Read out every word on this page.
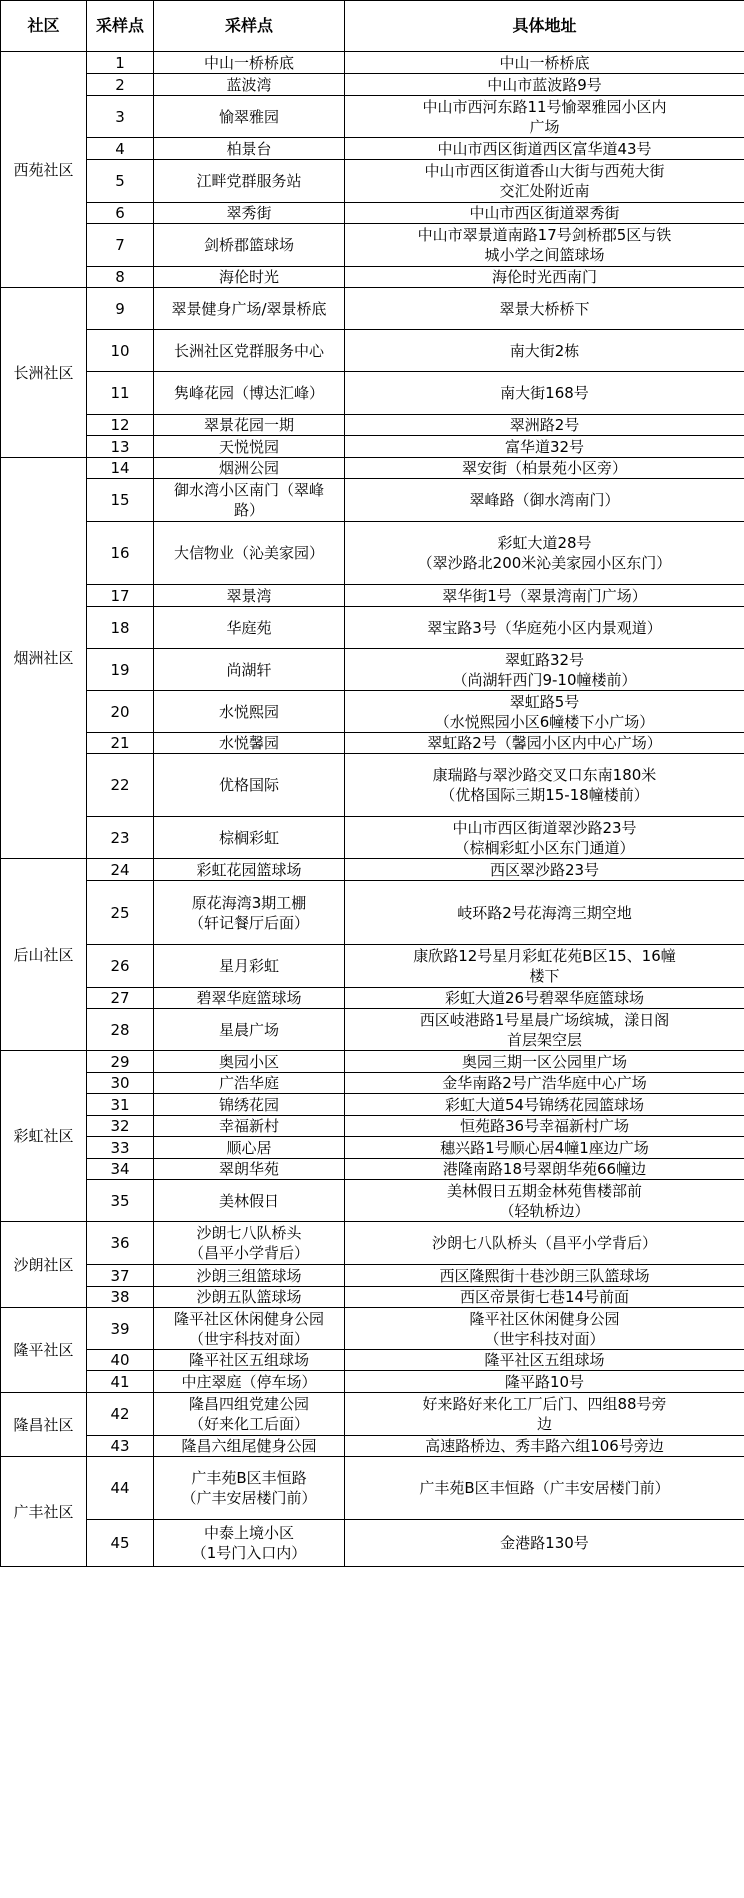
社区	采样点	采样点	具体地址
西苑社区	1	中山一桥桥底	中山一桥桥底
	2	蓝波湾	中山市蓝波路9号
	3	愉翠雅园	中山市西河东路11号愉翠雅园小区内
广场
	4	柏景台	中山市西区街道西区富华道43号
	5	江畔党群服务站	中山市西区街道香山大街与西苑大街
交汇处附近南
	6	翠秀街	中山市西区街道翠秀街
	7	剑桥郡篮球场	中山市翠景道南路17号剑桥郡5区与铁
城小学之间篮球场
	8	海伦时光	海伦时光西南门
长洲社区	9	翠景健身广场/翠景桥底	翠景大桥桥下
	10	长洲社区党群服务中心	南大街2栋
	11	隽峰花园（博达汇峰）	南大街168号
	12	翠景花园一期	翠洲路2号
	13	天悦悦园	富华道32号
烟洲社区	14	烟洲公园	翠安街（柏景苑小区旁）
	15	御水湾小区南门（翠峰
路）	翠峰路（御水湾南门）
	16	大信物业（沁美家园）	彩虹大道28号
（翠沙路北200米沁美家园小区东门）
	17	翠景湾	翠华街1号（翠景湾南门广场）
	18	华庭苑	翠宝路3号（华庭苑小区内景观道）
	19	尚湖轩	翠虹路32号
（尚湖轩西门9-10幢楼前）
	20	水悦熙园	翠虹路5号
（水悦熙园小区6幢楼下小广场）
	21	水悦馨园	翠虹路2号（馨园小区内中心广场）
	22	优格国际	康瑞路与翠沙路交叉口东南180米
（优格国际三期15-18幢楼前）
	23	棕榈彩虹	中山市西区街道翠沙路23号
（棕榈彩虹小区东门通道）
后山社区	24	彩虹花园篮球场	西区翠沙路23号
	25	原花海湾3期工棚
（轩记餐厅后面）	岐环路2号花海湾三期空地
	26	星月彩虹	康欣路12号星月彩虹花苑B区15、16幢
楼下
	27	碧翠华庭篮球场	彩虹大道26号碧翠华庭篮球场
	28	星晨广场	西区岐港路1号星晨广场缤城，漾日阁
首层架空层
彩虹社区	29	奥园小区	奥园三期一区公园里广场
	30	广浩华庭	金华南路2号广浩华庭中心广场
	31	锦绣花园	彩虹大道54号锦绣花园篮球场
	32	幸福新村	恒苑路36号幸福新村广场
	33	顺心居	穗兴路1号顺心居4幢1座边广场
	34	翠朗华苑	港隆南路18号翠朗华苑66幢边
	35	美林假日	美林假日五期金林苑售楼部前
（轻轨桥边）
沙朗社区	36	沙朗七八队桥头
（昌平小学背后）	沙朗七八队桥头（昌平小学背后）
	37	沙朗三组篮球场	西区隆熙街十巷沙朗三队篮球场
	38	沙朗五队篮球场	西区帝景街七巷14号前面
隆平社区	39	隆平社区休闲健身公园
（世宇科技对面）	隆平社区休闲健身公园
（世宇科技对面）
	40	隆平社区五组球场	隆平社区五组球场
	41	中庄翠庭（停车场）	隆平路10号
隆昌社区	42	隆昌四组党建公园
（好来化工后面）	好来路好来化工厂后门、四组88号旁
边
	43	隆昌六组尾健身公园	高速路桥边、秀丰路六组106号旁边
广丰社区	44	广丰苑B区丰恒路
（广丰安居楼门前）	广丰苑B区丰恒路（广丰安居楼门前）
	45	中泰上境小区
（1号门入口内）	金港路130号
